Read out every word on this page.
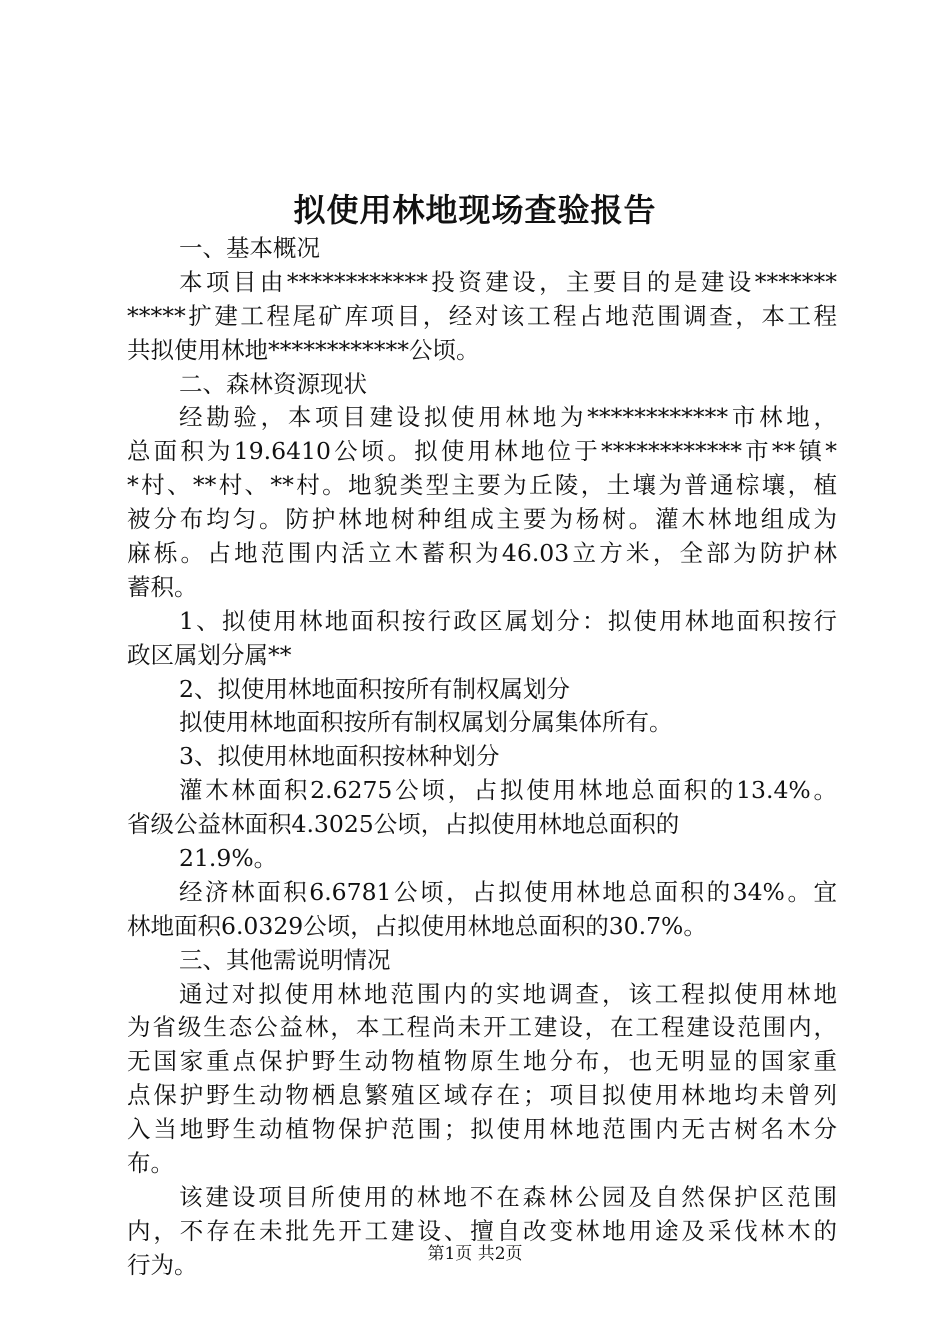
拟使用林地现场查验报告
一、基本概况
本项目由************投资建设，主要目的是建设*******
*****扩建工程尾矿库项目，经对该工程占地范围调查，本工程
共拟使用林地************公顷。
二、森林资源现状
经勘验，本项目建设拟使用林地为************市林地，
总面积为19.6410公顷。拟使用林地位于************市**镇*
*村、**村、**村。地貌类型主要为丘陵，土壤为普通棕壤，植
被分布均匀。防护林地树种组成主要为杨树。灌木林地组成为
麻栎。占地范围内活立木蓄积为46.03立方米，全部为防护林
蓄积。
1、拟使用林地面积按行政区属划分：拟使用林地面积按行
政区属划分属**
2、拟使用林地面积按所有制权属划分
拟使用林地面积按所有制权属划分属集体所有。
3、拟使用林地面积按林种划分
灌木林面积2.6275公顷，占拟使用林地总面积的13.4%。
省级公益林面积4.3025公顷，占拟使用林地总面积的
21.9%。
经济林面积6.6781公顷，占拟使用林地总面积的34%。宜
林地面积6.0329公顷，占拟使用林地总面积的30.7%。
三、其他需说明情况
通过对拟使用林地范围内的实地调查，该工程拟使用林地
为省级生态公益林，本工程尚未开工建设，在工程建设范围内，
无国家重点保护野生动物植物原生地分布，也无明显的国家重
点保护野生动物栖息繁殖区域存在；项目拟使用林地均未曾列
入当地野生动植物保护范围；拟使用林地范围内无古树名木分
布。
该建设项目所使用的林地不在森林公园及自然保护区范围
内，不存在未批先开工建设、擅自改变林地用途及采伐林木的
行为。	第1页 共2页
